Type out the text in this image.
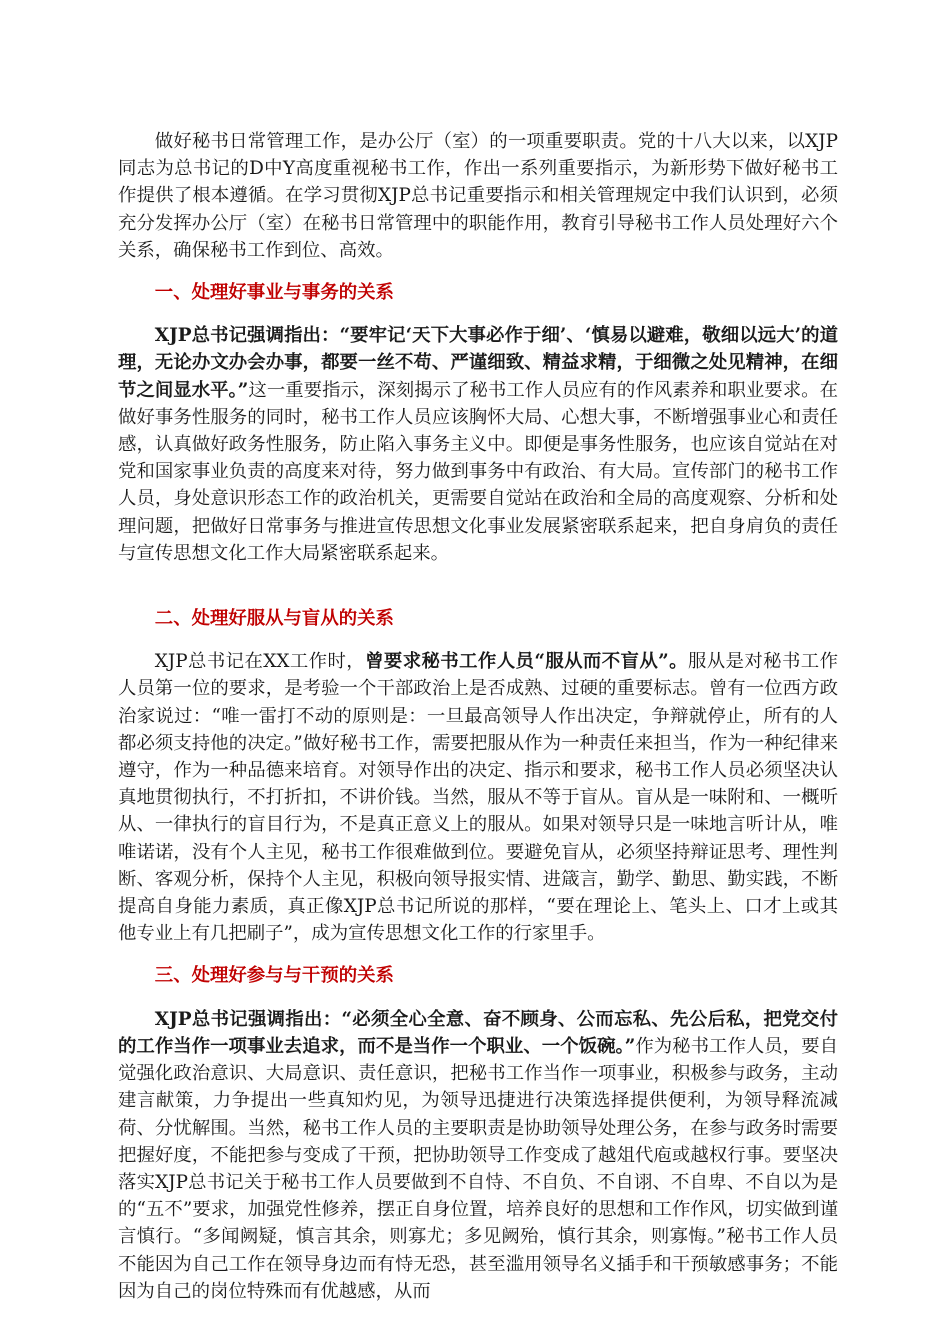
做好秘书日常管理工作，是办公厅（室）的一项重要职责。党的十八大以来，以XJP同志为总书记的D中Y高度重视秘书工作，作出一系列重要指示，为新形势下做好秘书工作提供了根本遵循。在学习贯彻XJP总书记重要指示和相关管理规定中我们认识到，必须充分发挥办公厅（室）在秘书日常管理中的职能作用，教育引导秘书工作人员处理好六个关系，确保秘书工作到位、高效。

一、处理好事业与事务的关系

XJP总书记强调指出：“要牢记‘天下大事必作于细’、‘慎易以避难，敬细以远大’的道理，无论办文办会办事，都要一丝不苟、严谨细致、精益求精，于细微之处见精神，在细节之间显水平。”这一重要指示，深刻揭示了秘书工作人员应有的作风素养和职业要求。在做好事务性服务的同时，秘书工作人员应该胸怀大局、心想大事，不断增强事业心和责任感，认真做好政务性服务，防止陷入事务主义中。即便是事务性服务，也应该自觉站在对党和国家事业负责的高度来对待，努力做到事务中有政治、有大局。宣传部门的秘书工作人员，身处意识形态工作的政治机关，更需要自觉站在政治和全局的高度观察、分析和处理问题，把做好日常事务与推进宣传思想文化事业发展紧密联系起来，把自身肩负的责任与宣传思想文化工作大局紧密联系起来。

二、处理好服从与盲从的关系

XJP总书记在XX工作时，曾要求秘书工作人员“服从而不盲从”。服从是对秘书工作人员第一位的要求，是考验一个干部政治上是否成熟、过硬的重要标志。曾有一位西方政治家说过：“唯一雷打不动的原则是：一旦最高领导人作出决定，争辩就停止，所有的人都必须支持他的决定。”做好秘书工作，需要把服从作为一种责任来担当，作为一种纪律来遵守，作为一种品德来培育。对领导作出的决定、指示和要求，秘书工作人员必须坚决认真地贯彻执行，不打折扣，不讲价钱。当然，服从不等于盲从。盲从是一味附和、一概听从、一律执行的盲目行为，不是真正意义上的服从。如果对领导只是一味地言听计从，唯唯诺诺，没有个人主见，秘书工作很难做到位。要避免盲从，必须坚持辩证思考、理性判断、客观分析，保持个人主见，积极向领导报实情、进箴言，勤学、勤思、勤实践，不断提高自身能力素质，真正像XJP总书记所说的那样，“要在理论上、笔头上、口才上或其他专业上有几把刷子”，成为宣传思想文化工作的行家里手。

三、处理好参与与干预的关系

XJP总书记强调指出：“必须全心全意、奋不顾身、公而忘私、先公后私，把党交付的工作当作一项事业去追求，而不是当作一个职业、一个饭碗。”作为秘书工作人员，要自觉强化政治意识、大局意识、责任意识，把秘书工作当作一项事业，积极参与政务，主动建言献策，力争提出一些真知灼见，为领导迅捷进行决策选择提供便利，为领导释流减荷、分忧解围。当然，秘书工作人员的主要职责是协助领导处理公务，在参与政务时需要把握好度，不能把参与变成了干预，把协助领导工作变成了越俎代庖或越权行事。要坚决落实XJP总书记关于秘书工作人员要做到不自恃、不自负、不自诩、不自卑、不自以为是的“五不”要求，加强党性修养，摆正自身位置，培养良好的思想和工作作风，切实做到谨言慎行。“多闻阙疑，慎言其余，则寡尤；多见阙殆，慎行其余，则寡悔。”秘书工作人员不能因为自己工作在领导身边而有恃无恐，甚至滥用领导名义插手和干预敏感事务；不能因为自己的岗位特殊而有优越感，从而
